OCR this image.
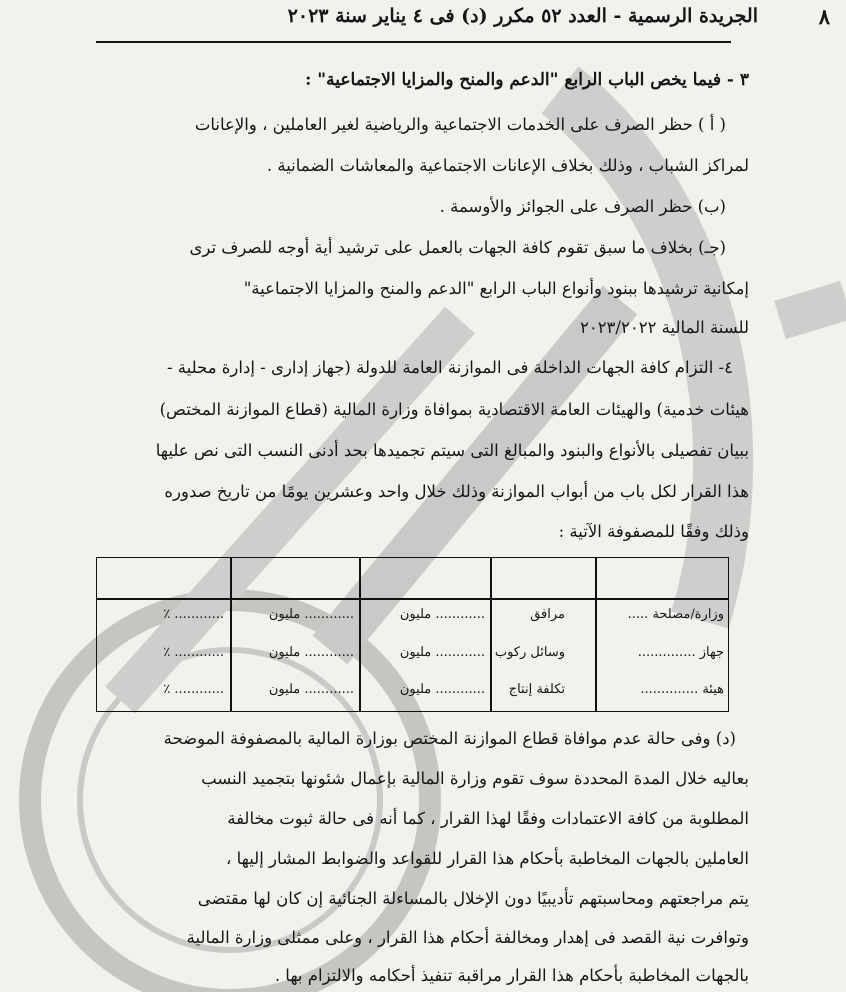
٨
الجريدة الرسمية - العدد ٥٢ مكرر (د) فى ٤ يناير سنة ٢٠٢٣
٣ - فيما يخص الباب الرابع "الدعم والمنح والمزايا الاجتماعية" :
( أ ) حظر الصرف على الخدمات الاجتماعية والرياضية لغير العاملين ، والإعانات
لمراكز الشباب ، وذلك بخلاف الإعانات الاجتماعية والمعاشات الضمانية .
(ب) حظر الصرف على الجوائز والأوسمة .
(جـ) بخلاف ما سبق تقوم كافة الجهات بالعمل على ترشيد أية أوجه للصرف ترى
إمكانية ترشيدها ببنود وأنواع الباب الرابع "الدعم والمنح والمزايا الاجتماعية"
للسنة المالية ٢٠٢٣/٢٠٢٢
٤- التزام كافة الجهات الداخلة فى الموازنة العامة للدولة (جهاز إدارى - إدارة محلية -
هيئات خدمية) والهيئات العامة الاقتصادية بموافاة وزارة المالية (قطاع الموازنة المختص)
ببيان تفصيلى بالأنواع والبنود والمبالغ التى سيتم تجميدها بحد أدنى النسب التى نص عليها
هذا القرار لكل باب من أبواب الموازنة وذلك خلال واحد وعشرين يومًا من تاريخ صدوره
وذلك وفقًا للمصفوفة الآتية :
وزارة/مصلحة .....
مرافق
............ مليون
............ مليون
............ ٪
جهاز ..............
وسائل ركوب
............ مليون
............ مليون
............ ٪
هيئة ..............
تكلفة إنتاج
............ مليون
............ مليون
............ ٪
(د) وفى حالة عدم موافاة قطاع الموازنة المختص بوزارة المالية بالمصفوفة الموضحة
بعاليه خلال المدة المحددة سوف تقوم وزارة المالية بإعمال شئونها بتجميد النسب
المطلوبة من كافة الاعتمادات وفقًا لهذا القرار ، كما أنه فى حالة ثبوت مخالفة
العاملين بالجهات المخاطبة بأحكام هذا القرار للقواعد والضوابط المشار إليها ،
يتم مراجعتهم ومحاسبتهم تأديبيًا دون الإخلال بالمساءلة الجنائية إن كان لها مقتضى
وتوافرت نية القصد فى إهدار ومخالفة أحكام هذا القرار ، وعلى ممثلى وزارة المالية
بالجهات المخاطبة بأحكام هذا القرار مراقبة تنفيذ أحكامه والالتزام بها .
